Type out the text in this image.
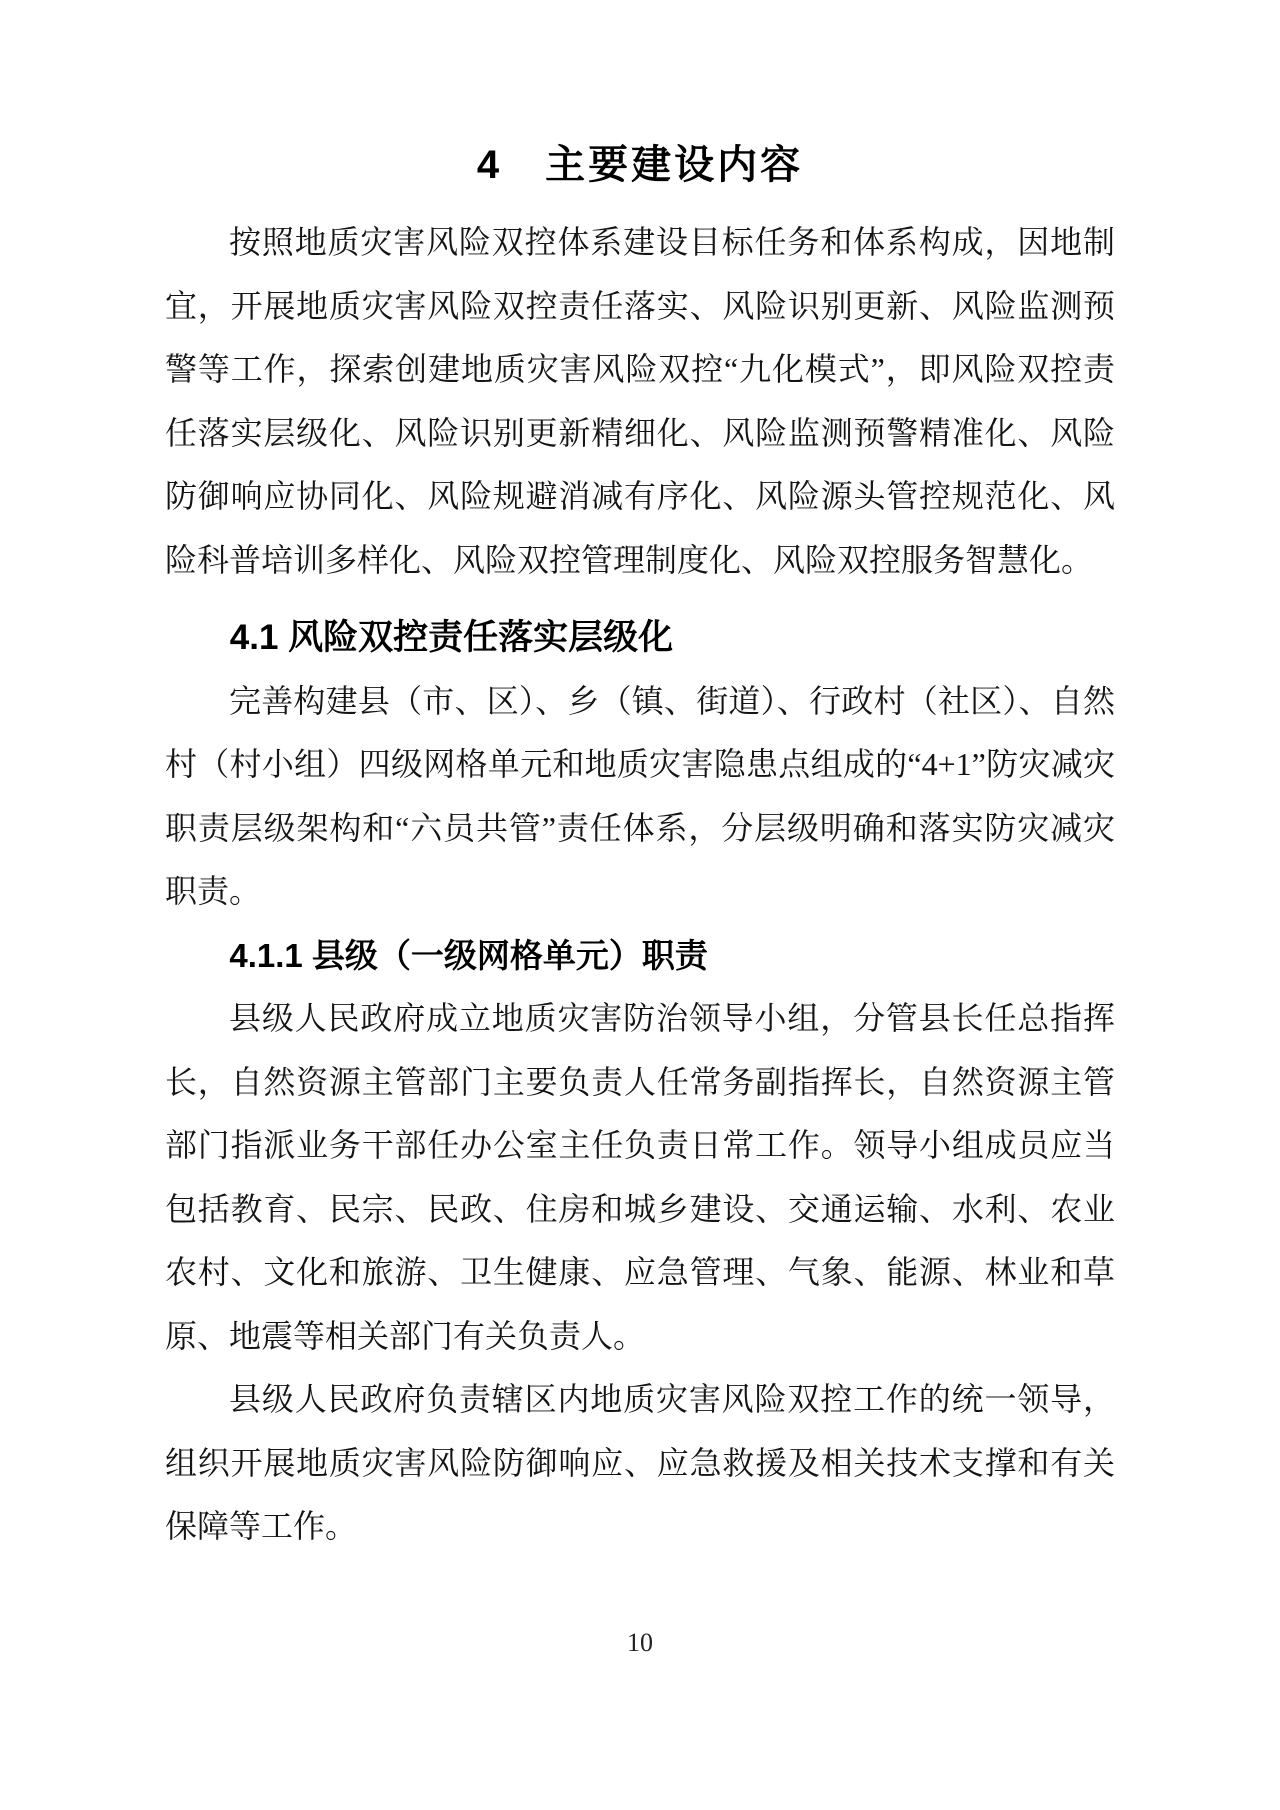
4　主要建设内容

按照地质灾害风险双控体系建设目标任务和体系构成，因地制宜，开展地质灾害风险双控责任落实、风险识别更新、风险监测预警等工作，探索创建地质灾害风险双控“九化模式”，即风险双控责任落实层级化、风险识别更新精细化、风险监测预警精准化、风险防御响应协同化、风险规避消减有序化、风险源头管控规范化、风险科普培训多样化、风险双控管理制度化、风险双控服务智慧化。

4.1 风险双控责任落实层级化

完善构建县（市、区）、乡（镇、街道）、行政村（社区）、自然村（村小组）四级网格单元和地质灾害隐患点组成的“4+1”防灾减灾职责层级架构和“六员共管”责任体系，分层级明确和落实防灾减灾职责。

4.1.1 县级（一级网格单元）职责

县级人民政府成立地质灾害防治领导小组，分管县长任总指挥长，自然资源主管部门主要负责人任常务副指挥长，自然资源主管部门指派业务干部任办公室主任负责日常工作。领导小组成员应当包括教育、民宗、民政、住房和城乡建设、交通运输、水利、农业农村、文化和旅游、卫生健康、应急管理、气象、能源、林业和草原、地震等相关部门有关负责人。

县级人民政府负责辖区内地质灾害风险双控工作的统一领导，组织开展地质灾害风险防御响应、应急救援及相关技术支撑和有关保障等工作。

10
